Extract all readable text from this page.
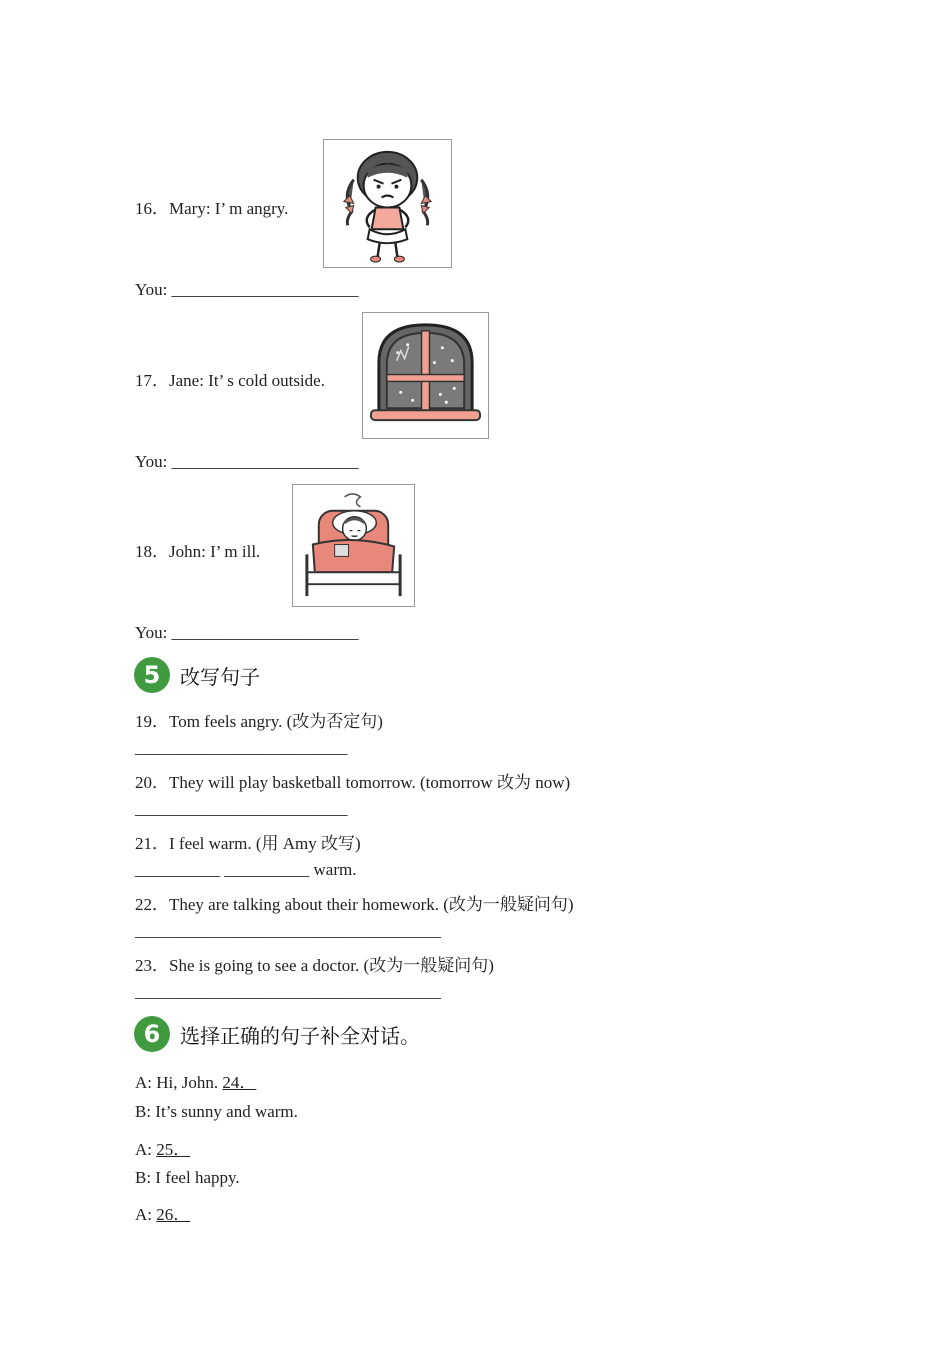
16．Mary: I’ m angry.
You: ______________________
17．Jane: It’ s cold outside.
You: ______________________
18．John: I’ m ill.
You: ______________________
5 改写句子
19．Tom feels angry. (改为否定句)
_________________________
20．They will play basketball tomorrow. (tomorrow 改为 now)
_________________________
21．I feel warm. (用 Amy 改写)
__________ __________ warm.
22．They are talking about their homework. (改为一般疑问句)
____________________________________
23．She is going to see a doctor. (改为一般疑问句)
____________________________________
6 选择正确的句子补全对话。
A: Hi, John. 24．
B: It’s sunny and warm.
A: 25．
B: I feel happy.
A: 26．
